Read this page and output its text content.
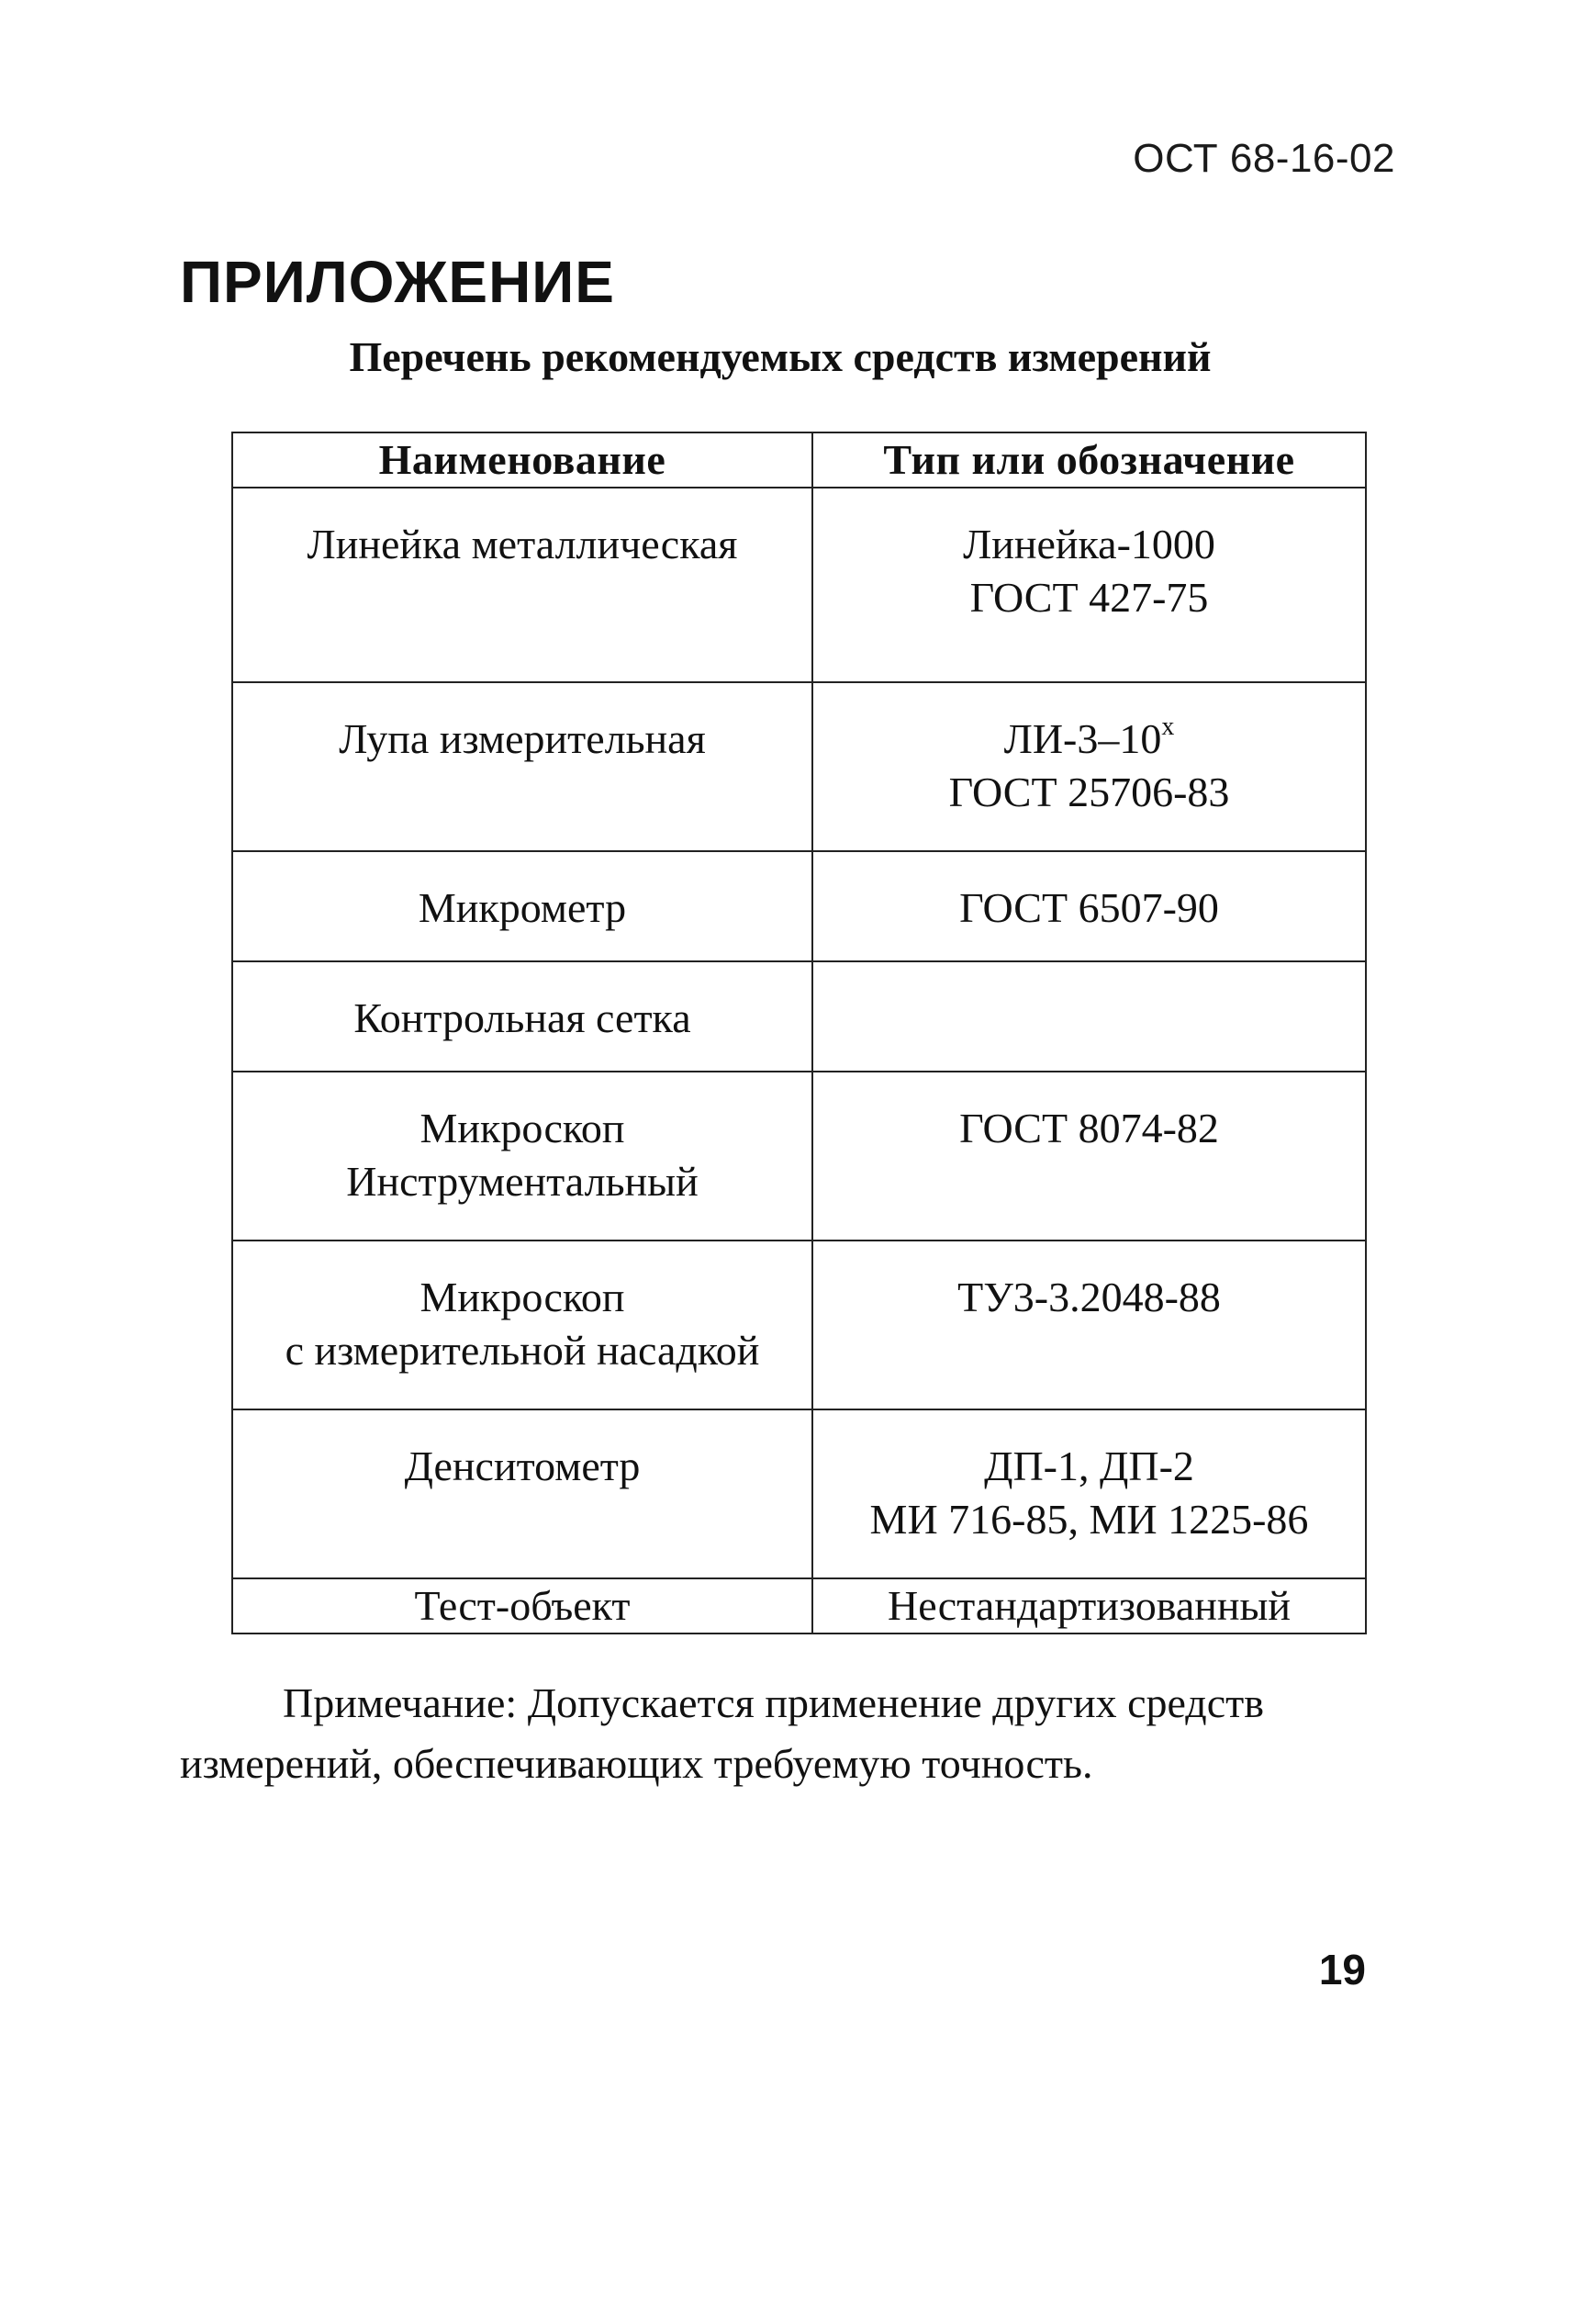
ОСТ 68-16-02
ПРИЛОЖЕНИЕ
Перечень рекомендуемых средств измерений
Наименование	Тип или обозначение

Линейка металлическая	Линейка-1000
ГОСТ 427-75

Лупа измерительная	$ЛИ-3-10^х$
ГОСТ 25706-83

Микрометр	ГОСТ 6507-90

Контрольная сетка	

Микроскоп
Инструментальный	ГОСТ 8074-82

Микроскоп
с измерительной насадкой	ТУ3-3.2048-88

Денситометр	ДП-1, ДП-2
МИ 716-85, МИ 1225-86

Тест-объект	Нестандартизованный

Примечание: Допускается применение других средств измерений, обеспечивающих требуемую точность.

19
